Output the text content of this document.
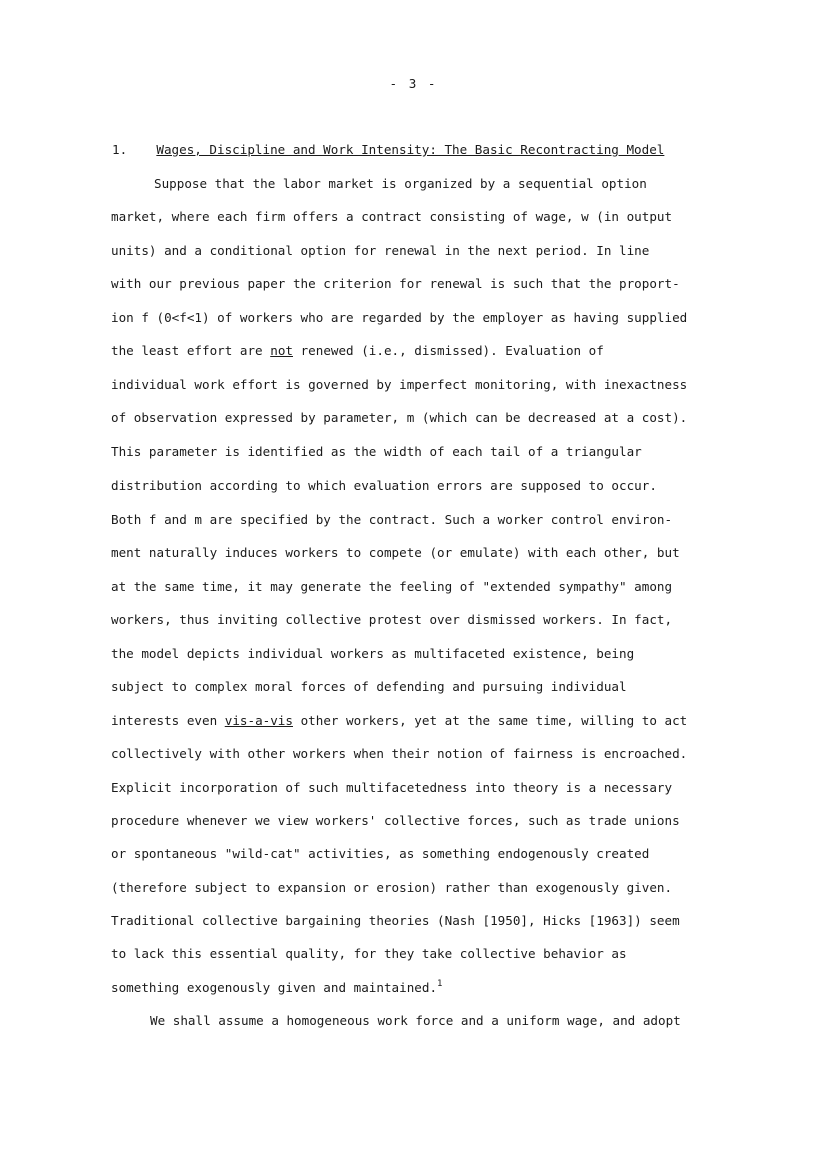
- 3 -
1. Wages, Discipline and Work Intensity: The Basic Recontracting Model
Suppose that the labor market is organized by a sequential option
market, where each firm offers a contract consisting of wage, w (in output
units) and a conditional option for renewal in the next period. In line
with our previous paper the criterion for renewal is such that the proport-
ion f (0<f<1) of workers who are regarded by the employer as having supplied
the least effort are not renewed (i.e., dismissed). Evaluation of
individual work effort is governed by imperfect monitoring, with inexactness
of observation expressed by parameter, m (which can be decreased at a cost).
This parameter is identified as the width of each tail of a triangular
distribution according to which evaluation errors are supposed to occur.
Both f and m are specified by the contract. Such a worker control environ-
ment naturally induces workers to compete (or emulate) with each other, but
at the same time, it may generate the feeling of "extended sympathy" among
workers, thus inviting collective protest over dismissed workers. In fact,
the model depicts individual workers as multifaceted existence, being
subject to complex moral forces of defending and pursuing individual
interests even vis-a-vis other workers, yet at the same time, willing to act
collectively with other workers when their notion of fairness is encroached.
Explicit incorporation of such multifacetedness into theory is a necessary
procedure whenever we view workers' collective forces, such as trade unions
or spontaneous "wild-cat" activities, as something endogenously created
(therefore subject to expansion or erosion) rather than exogenously given.
Traditional collective bargaining theories (Nash [1950], Hicks [1963]) seem
to lack this essential quality, for they take collective behavior as
something exogenously given and maintained.$^1$
We shall assume a homogeneous work force and a uniform wage, and adopt
